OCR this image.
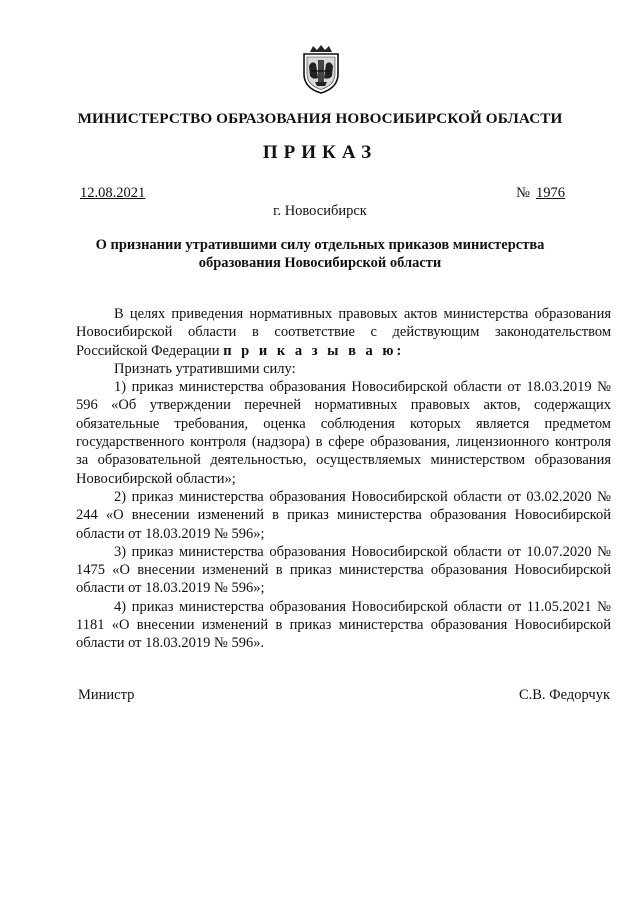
МИНИСТЕРСТВО ОБРАЗОВАНИЯ НОВОСИБИРСКОЙ ОБЛАСТИ
ПРИКАЗ
12.08.2021	№ 1976
г. Новосибирск
О признании утратившими силу отдельных приказов министерства
образования Новосибирской области

В целях приведения нормативных правовых актов министерства образования Новосибирской области в соответствие с действующим законодательством Российской Федерации п р и к а з ы в а ю:

Признать утратившими силу:

1) приказ министерства образования Новосибирской области от 18.03.2019 № 596 «Об утверждении перечней нормативных правовых актов, содержащих обязательные требования, оценка соблюдения которых является предметом государственного контроля (надзора) в сфере образования, лицензионного контроля за образовательной деятельностью, осуществляемых министерством образования Новосибирской области»;

2) приказ министерства образования Новосибирской области от 03.02.2020 № 244 «О внесении изменений в приказ министерства образования Новосибирской области от 18.03.2019 № 596»;

3) приказ министерства образования Новосибирской области от 10.07.2020 № 1475 «О внесении изменений в приказ министерства образования Новосибирской области от 18.03.2019 № 596»;

4) приказ министерства образования Новосибирской области от 11.05.2021 № 1181 «О внесении изменений в приказ министерства образования Новосибирской области от 18.03.2019 № 596».

Министр	С.В. Федорчук
